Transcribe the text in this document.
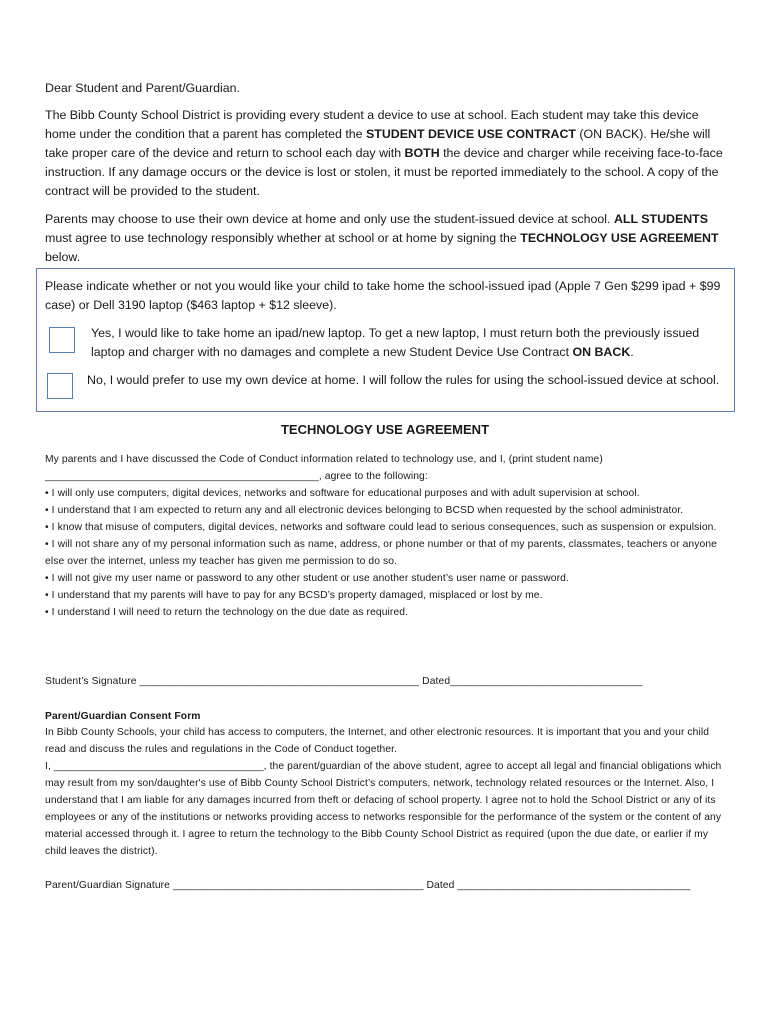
Dear Student and Parent/Guardian.

The Bibb County School District is providing every student a device to use at school. Each student may take this device home under the condition that a parent has completed the STUDENT DEVICE USE CONTRACT (ON BACK). He/she will take proper care of the device and return to school each day with BOTH the device and charger while receiving face-to-face instruction. If any damage occurs or the device is lost or stolen, it must be reported immediately to the school. A copy of the contract will be provided to the student.

Parents may choose to use their own device at home and only use the student-issued device at school. ALL STUDENTS must agree to use technology responsibly whether at school or at home by signing the TECHNOLOGY USE AGREEMENT below.

Please indicate whether or not you would like your child to take home the school-issued ipad (Apple 7 Gen $299 ipad + $99 case) or Dell 3190 laptop ($463 laptop + $12 sleeve).
Yes, I would like to take home an ipad/new laptop. To get a new laptop, I must return both the previously issued laptop and charger with no damages and complete a new Student Device Use Contract ON BACK.
No, I would prefer to use my own device at home. I will follow the rules for using the school-issued device at school.
TECHNOLOGY USE AGREEMENT
My parents and I have discussed the Code of Conduct information related to technology use, and I, (print student name)
_______________________________________________, agree to the following:
• I will only use computers, digital devices, networks and software for educational purposes and with adult supervision at school.
• I understand that I am expected to return any and all electronic devices belonging to BCSD when requested by the school administrator.
• I know that misuse of computers, digital devices, networks and software could lead to serious consequences, such as suspension or expulsion.
• I will not share any of my personal information such as name, address, or phone number or that of my parents, classmates, teachers or anyone else over the internet, unless my teacher has given me permission to do so.
• I will not give my user name or password to any other student or use another student’s user name or password.
• I understand that my parents will have to pay for any BCSD’s property damaged, misplaced or lost by me.
• I understand I will need to return the technology on the due date as required.
Student’s Signature ________________________________________________ Dated_________________________________
Parent/Guardian Consent Form
In Bibb County Schools, your child has access to computers, the Internet, and other electronic resources. It is important that you and your child read and discuss the rules and regulations in the Code of Conduct together.
I, ____________________________________, the parent/guardian of the above student, agree to accept all legal and financial obligations which may result from my son/daughter's use of Bibb County School District’s computers, network, technology related resources or the Internet. Also, I understand that I am liable for any damages incurred from theft or defacing of school property. I agree not to hold the School District or any of its employees or any of the institutions or networks providing access to networks responsible for the performance of the system or the content of any material accessed through it. I agree to return the technology to the Bibb County School District as required (upon the due date, or earlier if my child leaves the district).
Parent/Guardian Signature ___________________________________________ Dated ________________________________________
